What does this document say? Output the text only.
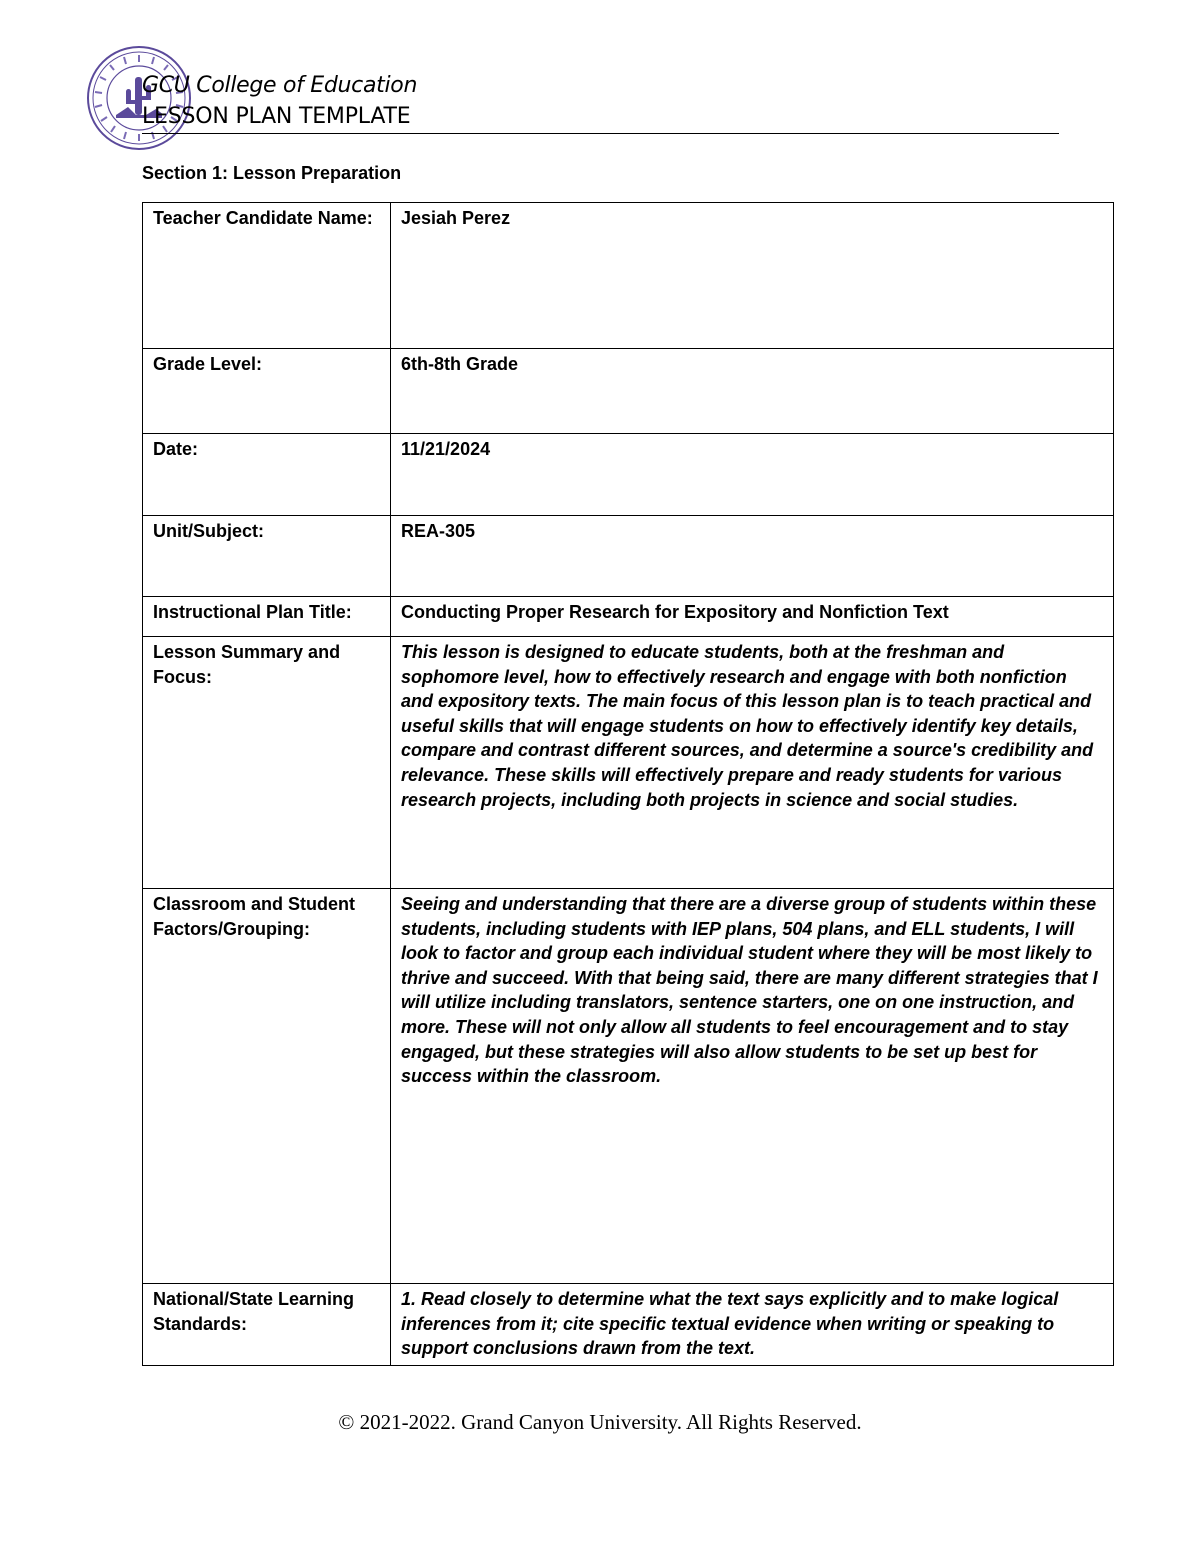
GCU College of Education
LESSON PLAN TEMPLATE
Section 1: Lesson Preparation
Teacher Candidate Name:	Jesiah Perez
Grade Level:	6th-8th Grade
Date:	11/21/2024
Unit/Subject:	REA-305
Instructional Plan Title:	Conducting Proper Research for Expository and Nonfiction Text
Lesson Summary and Focus:	This lesson is designed to educate students, both at the freshman and sophomore level, how to effectively research and engage with both nonfiction and expository texts. The main focus of this lesson plan is to teach practical and useful skills that will engage students on how to effectively identify key details, compare and contrast different sources, and determine a source's credibility and relevance. These skills will effectively prepare and ready students for various research projects, including both projects in science and social studies.
Classroom and Student Factors/Grouping:	Seeing and understanding that there are a diverse group of students within these students, including students with IEP plans, 504 plans, and ELL students, I will look to factor and group each individual student where they will be most likely to thrive and succeed. With that being said, there are many different strategies that I will utilize including translators, sentence starters, one on one instruction, and more. These will not only allow all students to feel encouragement and to stay engaged, but these strategies will also allow students to be set up best for success within the classroom.
National/State Learning Standards:	1. Read closely to determine what the text says explicitly and to make logical inferences from it; cite specific textual evidence when writing or speaking to support conclusions drawn from the text.
© 2021-2022. Grand Canyon University. All Rights Reserved.
